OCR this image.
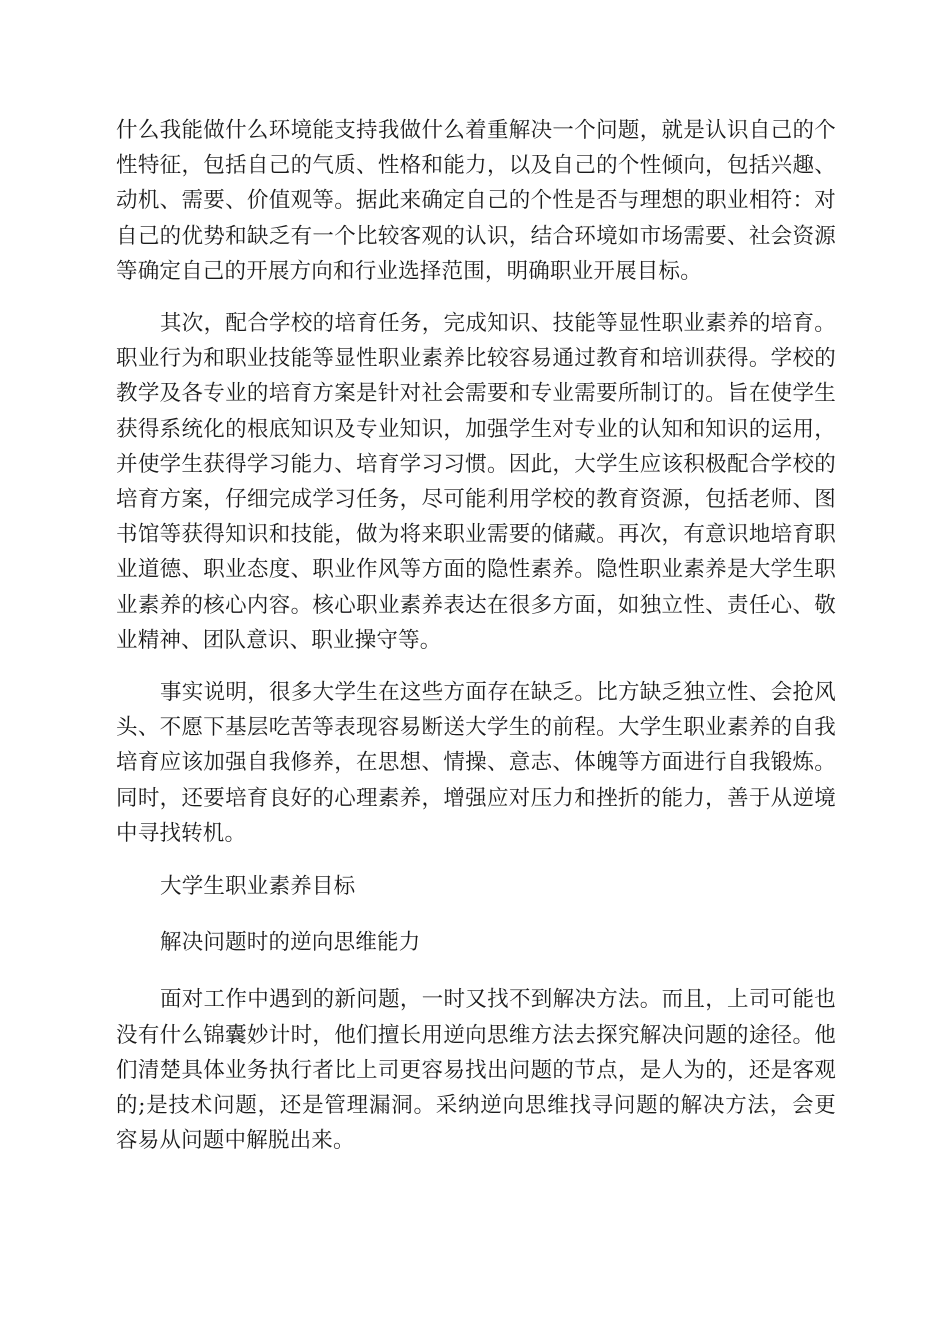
什么我能做什么环境能支持我做什么着重解决一个问题，就是认识自己的个性特征，包括自己的气质、性格和能力，以及自己的个性倾向，包括兴趣、动机、需要、价值观等。据此来确定自己的个性是否与理想的职业相符：对自己的优势和缺乏有一个比较客观的认识，结合环境如市场需要、社会资源等确定自己的开展方向和行业选择范围，明确职业开展目标。

其次，配合学校的培育任务，完成知识、技能等显性职业素养的培育。职业行为和职业技能等显性职业素养比较容易通过教育和培训获得。学校的教学及各专业的培育方案是针对社会需要和专业需要所制订的。旨在使学生获得系统化的根底知识及专业知识，加强学生对专业的认知和知识的运用，并使学生获得学习能力、培育学习习惯。因此，大学生应该积极配合学校的培育方案，仔细完成学习任务，尽可能利用学校的教育资源，包括老师、图书馆等获得知识和技能，做为将来职业需要的储藏。再次，有意识地培育职业道德、职业态度、职业作风等方面的隐性素养。隐性职业素养是大学生职业素养的核心内容。核心职业素养表达在很多方面，如独立性、责任心、敬业精神、团队意识、职业操守等。

事实说明，很多大学生在这些方面存在缺乏。比方缺乏独立性、会抢风头、不愿下基层吃苦等表现容易断送大学生的前程。大学生职业素养的自我培育应该加强自我修养，在思想、情操、意志、体魄等方面进行自我锻炼。同时，还要培育良好的心理素养，增强应对压力和挫折的能力，善于从逆境中寻找转机。

大学生职业素养目标

解决问题时的逆向思维能力

面对工作中遇到的新问题，一时又找不到解决方法。而且，上司可能也没有什么锦囊妙计时，他们擅长用逆向思维方法去探究解决问题的途径。他们清楚具体业务执行者比上司更容易找出问题的节点，是人为的，还是客观的;是技术问题，还是管理漏洞。采纳逆向思维找寻问题的解决方法，会更容易从问题中解脱出来。
